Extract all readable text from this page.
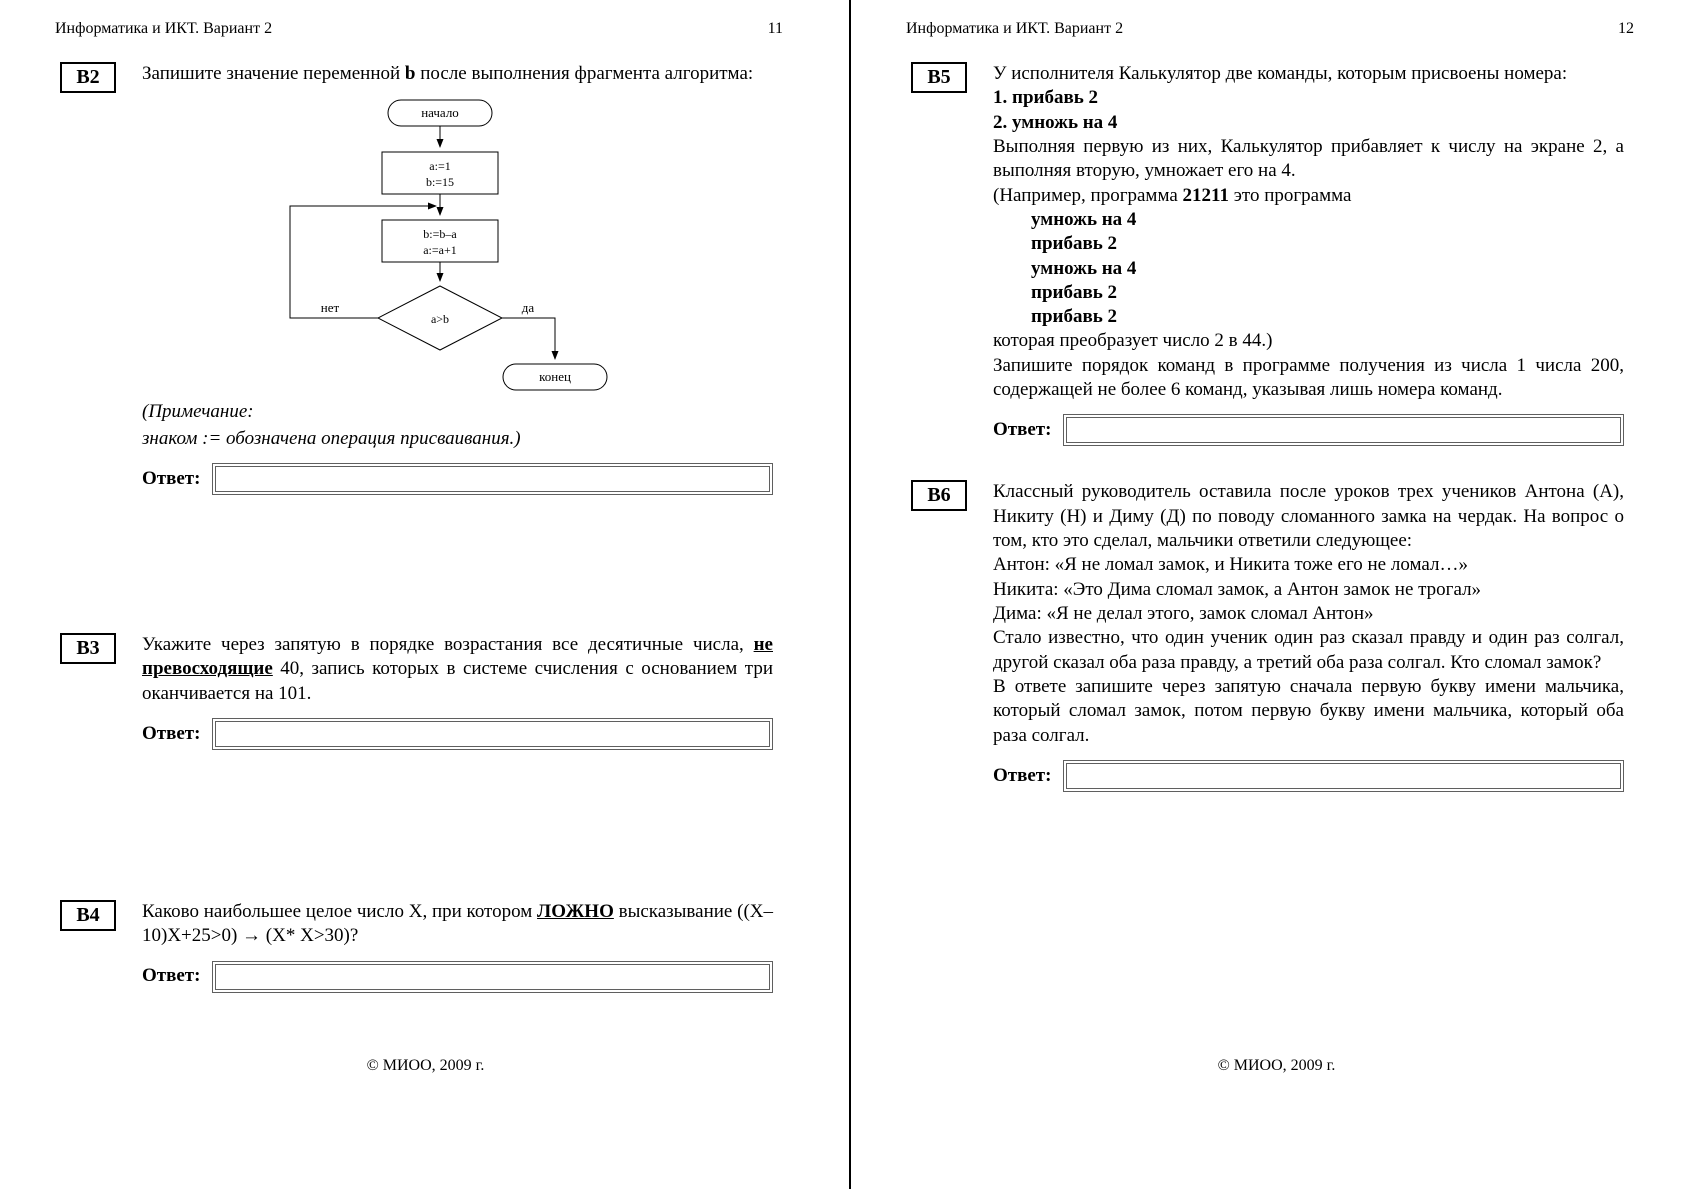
Информатика и ИКТ. Вариант 2	11
В2	Запишите значение переменной b после выполнения фрагмента алгоритма:

начало
a:=1
b:=15
b:=b–a
a:=a+1
a>b
нет	да
конец

(Примечание:

знаком := обозначена операция присваивания.)

Ответ:
В3	Укажите через запятую в порядке возрастания все десятичные числа, не превосходящие 40, запись которых в системе счисления с основанием три оканчивается на 101.

Ответ:
В4	Каково наибольшее целое число X, при котором ЛОЖНО высказывание ((X–10)X+25>0) → (X* X>30)?

Ответ:
© МИОО, 2009 г.
Информатика и ИКТ. Вариант 2	12
В5	У исполнителя Калькулятор две команды, которым присвоены номера:

1. прибавь 2

2. умножь на 4

Выполняя первую из них, Калькулятор прибавляет к числу на экране 2, а выполняя вторую, умножает его на 4.

(Например, программа 21211 это программа

умножь на 4

прибавь 2

умножь на 4

прибавь 2

прибавь 2

которая преобразует число 2 в 44.)

Запишите порядок команд в программе получения из числа 1 числа 200, содержащей не более 6 команд, указывая лишь номера команд.

Ответ:
В6	Классный руководитель оставила после уроков трех учеников Антона (А), Никиту (Н) и Диму (Д) по поводу сломанного замка на чердак. На вопрос о том, кто это сделал, мальчики ответили следующее:

Антон: «Я не ломал замок, и Никита тоже его не ломал…»

Никита: «Это Дима сломал замок, а Антон замок не трогал»

Дима: «Я не делал этого, замок сломал Антон»

Стало известно, что один ученик один раз сказал правду и один раз солгал, другой сказал оба раза правду, а третий оба раза солгал. Кто сломал замок?

В ответе запишите через запятую сначала первую букву имени мальчика, который сломал замок, потом первую букву имени мальчика, который оба раза солгал.

Ответ:
© МИОО, 2009 г.
